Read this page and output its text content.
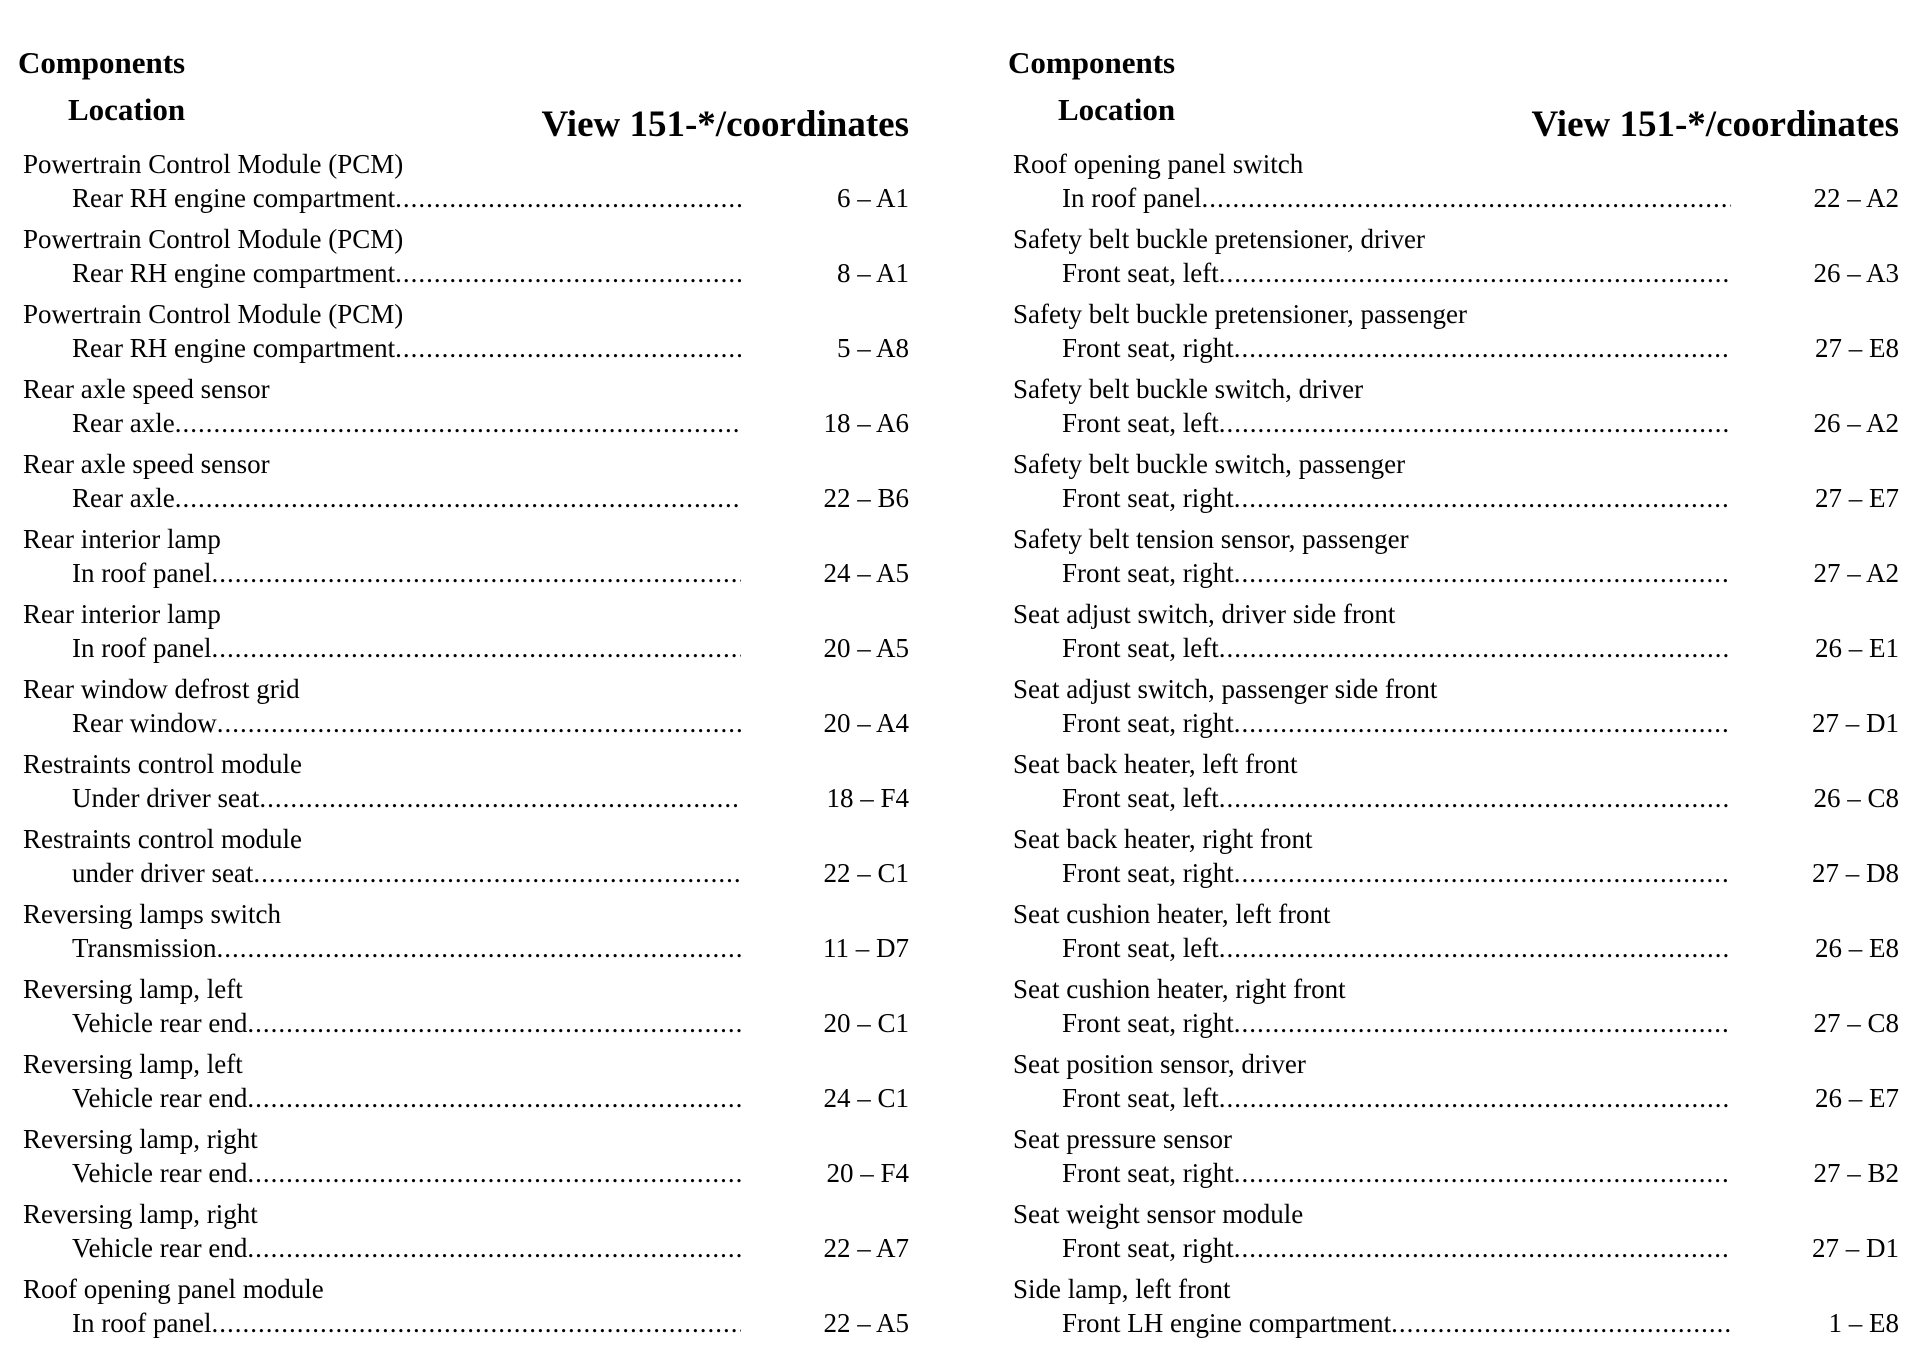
Components
Location	View 151-*/coordinates
Powertrain Control Module (PCM)
Rear RH engine compartment .....	6 – A1
Powertrain Control Module (PCM)
Rear RH engine compartment .....	8 – A1
Powertrain Control Module (PCM)
Rear RH engine compartment .....	5 – A8
Rear axle speed sensor
Rear axle .....	18 – A6
Rear axle speed sensor
Rear axle .....	22 – B6
Rear interior lamp
In roof panel .....	24 – A5
Rear interior lamp
In roof panel .....	20 – A5
Rear window defrost grid
Rear window .....	20 – A4
Restraints control module
Under driver seat .....	18 – F4
Restraints control module
under driver seat .....	22 – C1
Reversing lamps switch
Transmission .....	11 – D7
Reversing lamp, left
Vehicle rear end .....	20 – C1
Reversing lamp, left
Vehicle rear end .....	24 – C1
Reversing lamp, right
Vehicle rear end .....	20 – F4
Reversing lamp, right
Vehicle rear end .....	22 – A7
Roof opening panel module
In roof panel .....	22 – A5
Components
Location	View 151-*/coordinates
Roof opening panel switch
In roof panel .....	22 – A2
Safety belt buckle pretensioner, driver
Front seat, left .....	26 – A3
Safety belt buckle pretensioner, passenger
Front seat, right .....	27 – E8
Safety belt buckle switch, driver
Front seat, left .....	26 – A2
Safety belt buckle switch, passenger
Front seat, right .....	27 – E7
Safety belt tension sensor, passenger
Front seat, right .....	27 – A2
Seat adjust switch, driver side front
Front seat, left .....	26 – E1
Seat adjust switch, passenger side front
Front seat, right .....	27 – D1
Seat back heater, left front
Front seat, left .....	26 – C8
Seat back heater, right front
Front seat, right .....	27 – D8
Seat cushion heater, left front
Front seat, left .....	26 – E8
Seat cushion heater, right front
Front seat, right .....	27 – C8
Seat position sensor, driver
Front seat, left .....	26 – E7
Seat pressure sensor
Front seat, right .....	27 – B2
Seat weight sensor module
Front seat, right .....	27 – D1
Side lamp, left front
Front LH engine compartment .....	1 – E8
